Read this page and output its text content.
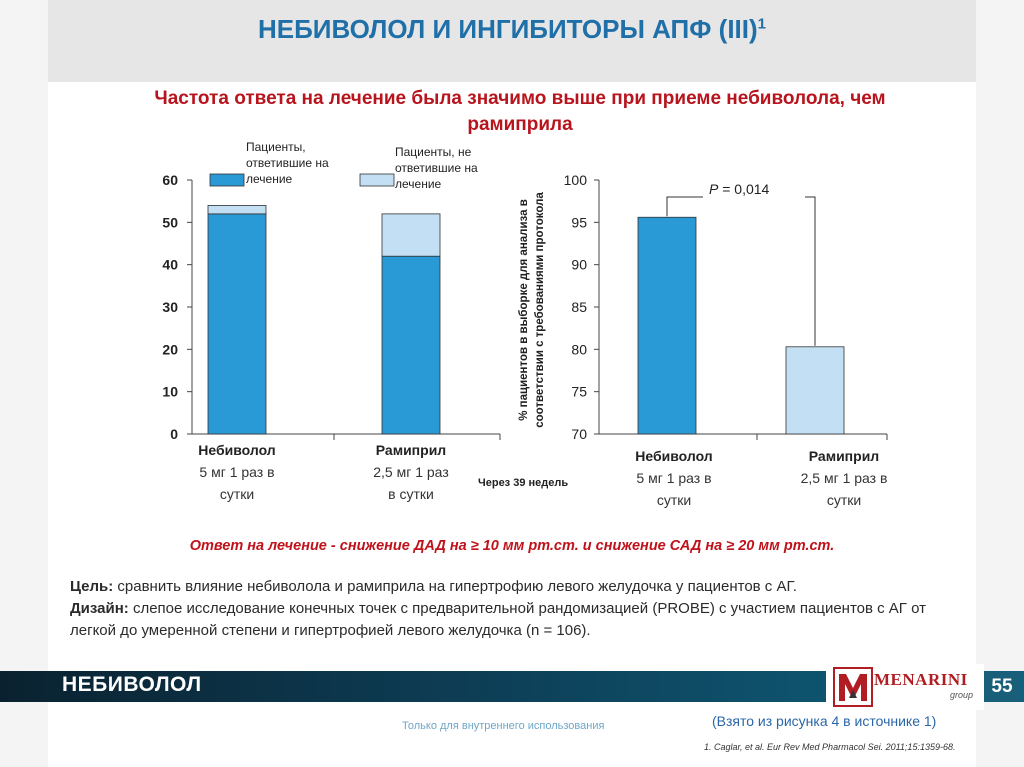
НЕБИВОЛОЛ И ИНГИБИТОРЫ АПФ (III)$^1$
Частота ответа на лечение была значимо выше при приеме небиволола, чем
рамиприла
0
10
20
30
40
50
60
Пациенты,
ответившие на
лечение
Пациенты, не
ответившие на
лечение
Небиволол
5 мг 1 раз в
сутки
Рамиприл
2,5 мг 1 раз
в сутки
Через 39 недель
% пациентов в выборке для анализа в соответствии с требованиями протокола
70
75
80
85
90
95
100
P = 0,014
Небиволол
5 мг 1 раз в
сутки
Рамиприл
2,5 мг 1 раз в
сутки
Ответ на лечение - снижение ДАД на ≥ 10 мм рт.ст. и снижение САД на ≥ 20 мм рт.ст.
Цель: сравнить влияние небиволола и рамиприла на гипертрофию левого желудочка у пациентов с АГ.
Дизайн: слепое исследование конечных точек с предварительной рандомизацией (PROBE) с участием пациентов с АГ от легкой до умеренной степени и гипертрофией левого желудочка (n = 106).
НЕБИВОЛОЛ	MENARINI
group 55
Только для внутреннего использования	(Взято из рисунка 4 в источнике 1)
1. Caglar, et al. Eur Rev Med Pharmacol Sei. 2011;15:1359-68.
